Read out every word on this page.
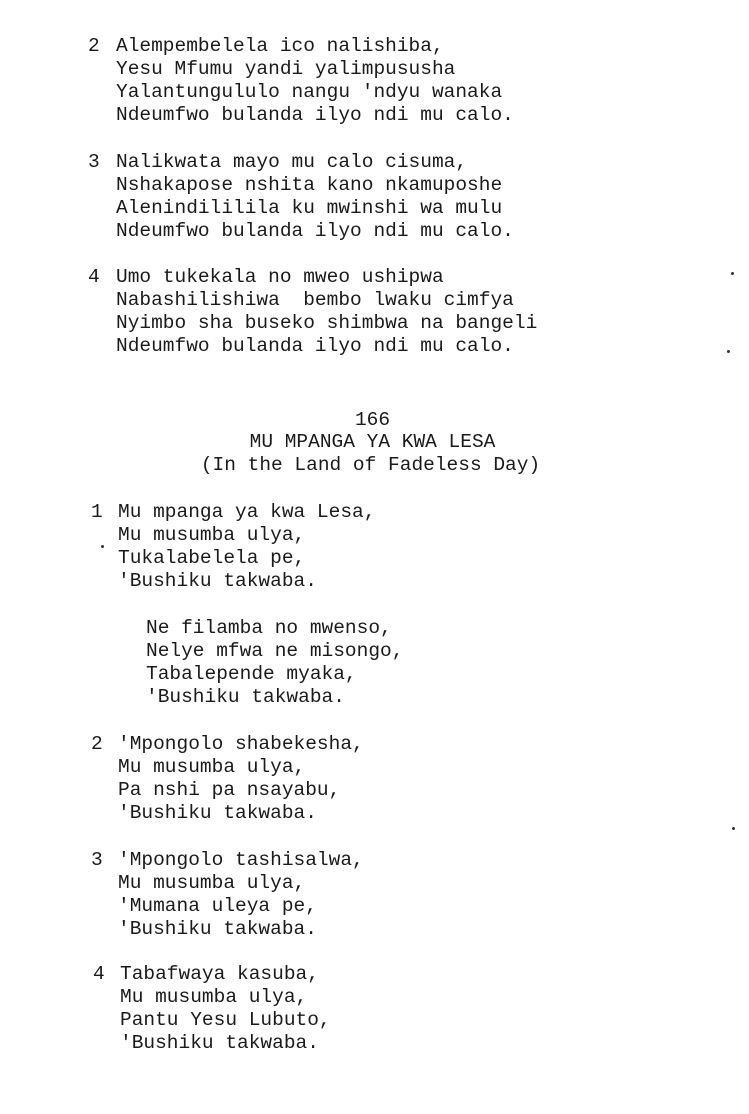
2 Alempembelela ico nalishiba,
Yesu Mfumu yandi yalimpususha
Yalantungululo nangu 'ndyu wanaka
Ndeumfwo bulanda ilyo ndi mu calo.
3 Nalikwata mayo mu calo cisuma,
Nshakapose nshita kano nkamuposhe
Alenindililila ku mwinshi wa mulu
Ndeumfwo bulanda ilyo ndi mu calo.
4 Umo tukekala no mweo ushipwa
Nabashilishiwa  bembo lwaku cimfya
Nyimbo sha buseko shimbwa na bangeli
Ndeumfwo bulanda ilyo ndi mu calo.
166
MU MPANGA YA KWA LESA
(In the Land of Fadeless Day)
1 Mu mpanga ya kwa Lesa,
Mu musumba ulya,
Tukalabelela pe,
'Bushiku takwaba.
Ne filamba no mwenso,
Nelye mfwa ne misongo,
Tabalepende myaka,
'Bushiku takwaba.
2 'Mpongolo shabekesha,
Mu musumba ulya,
Pa nshi pa nsayabu,
'Bushiku takwaba.
3 'Mpongolo tashisalwa,
Mu musumba ulya,
'Mumana uleya pe,
'Bushiku takwaba.
4 Tabafwaya kasuba,
Mu musumba ulya,
Pantu Yesu Lubuto,
'Bushiku takwaba.
